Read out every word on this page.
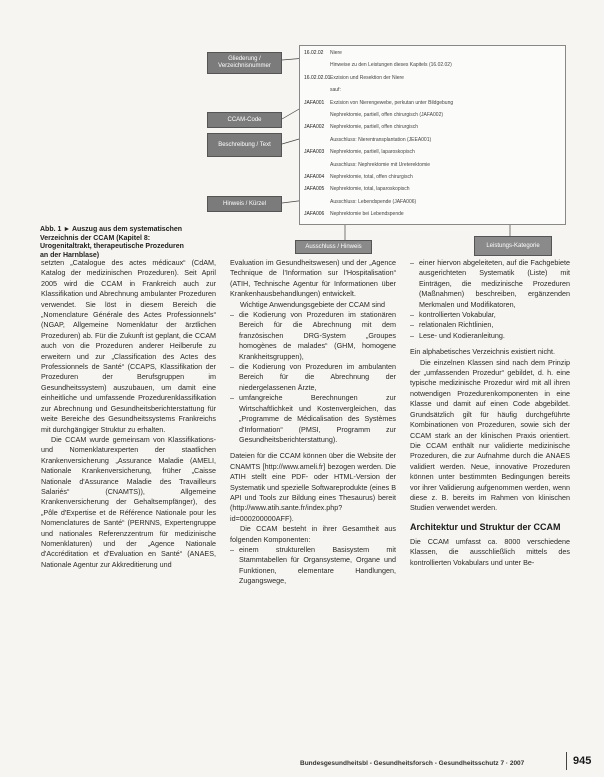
Gliederung / Verzeichnisnummer
CCAM-Code
Beschreibung / Text
Hinweis / Kürzel
Ausschluss / Hinweis	Leistungs-Kategorie
16.02.02 Niere
Hinweise zu den Leistungen dieses Kapitels (16.02.02)
16.02.02.01Exzision und Resektion der Niere
sauf:
JAFA001 Exzision von Nierengewebe, perkutan unter Bildgebung
Nephrektomie, partiell, offen chirurgisch (JAFA002)
JAFA002 Nephrektomie, partiell, offen chirurgisch
Ausschluss: Nierentransplantation (JEEA001)
JAFA003 Nephrektomie, partiell, laparoskopisch
Ausschluss: Nephrektomie mit Ureterektomie
JAFA004 Nephrektomie, total, offen chirurgisch
JAFA005 Nephrektomie, total, laparoskopisch
Ausschluss: Lebendspende (JAFA006)
JAFA006 Nephrektomie bei Lebendspende
Abb. 1 ► Auszug aus dem systematischen Verzeichnis der CCAM (Kapitel 8: Urogenitaltrakt, therapeutische Prozeduren an der Harnblase)

setzten „Catalogue des actes médicaux“ (CdAM, Katalog der medizinischen Prozeduren). Seit April 2005 wird die CCAM in Frankreich auch zur Klassifikation und Abrechnung ambulanter Prozeduren verwendet. Sie löst in diesem Bereich die „Nomenclature Générale des Actes Professionnels“ (NGAP, Allgemeine Nomenklatur der ärztlichen Prozeduren) ab. Für die Zukunft ist geplant, die CCAM auch von die Prozeduren anderer Heilberufe zu erweitern und zur „Classification des Actes des Professionnels de Santé“ (CCAPS, Klassifikation der Prozeduren der Berufsgruppen im Gesundheitssystem) auszubauen, um damit eine einheitliche und umfassende Prozedurenklassifikation zur Abrechnung und Gesundheitsberichterstattung für weite Bereiche des Gesundheitssystems Frankreichs mit durchgängiger Struktur zu erhalten.

Die CCAM wurde gemeinsam von Klassifikations- und Nomenklaturexperten der staatlichen Krankenversicherung „Assurance Maladie (AMELI, Nationale Krankenversicherung, früher „Caisse Nationale d'Assurance Maladie des Travailleurs Salariés“ (CNAMTS)), Allgemeine Krankenversicherung der Gehaltsempfänger), des „Pôle d'Expertise et de Référence Nationale pour les Nomenclatures de Santé“ (PERNNS, Expertengruppe und nationales Referenzzentrum für medizinische Nomenklaturen) und der „Agence Nationale d'Accréditation et d'Evaluation en Santé“ (ANAES, Nationale Agentur zur Akkreditierung und

Evaluation im Gesundheitswesen) und der „Agence Technique de l'Information sur l'Hospitalisation“ (ATIH, Technische Agentur für Informationen über Krankenhausbehandlungen) entwickelt.

Wichtige Anwendungsgebiete der CCAM sind

– die Kodierung von Prozeduren im stationären Bereich für die Abrechnung mit dem französischen DRG-System „Groupes homogènes de malades“ (GHM, homogene Krankheitsgruppen),
– die Kodierung von Prozeduren im ambulanten Bereich für die Abrechnung der niedergelassenen Ärzte,
– umfangreiche Berechnungen zur Wirtschaftlichkeit und Kostenvergleichen, das „Programme de Médicalisation des Systèmes d'Information“ (PMSI, Programm zur Gesundheitsberichterstattung).

Dateien für die CCAM können über die Website der CNAMTS [http://www.ameli.fr] bezogen werden. Die ATIH stellt eine PDF- oder HTML-Version der Systematik und spezielle Softwareprodukte (eines B API und Tools zur Bildung eines Thesaurus) bereit (http://www.atih.sante.fr/index.php?id=000200000AFF).

Die CCAM besteht in ihrer Gesamtheit aus folgenden Komponenten:

– einem strukturellen Basisystem mit Stammtabellen für Organsysteme, Organe und Funktionen, elementare Handlungen, Zugangswege,
– einer hiervon abgeleiteten, auf die Fachgebiete ausgerichteten Systematik (Liste) mit Einträgen, die medizinische Prozeduren (Maßnahmen) beschreiben, ergänzenden Merkmalen und Modifikatoren,
– kontrollierten Vokabular,
– relationalen Richtlinien,
– Lese- und Kodieranleitung.

Ein alphabetisches Verzeichnis existiert nicht.

Die einzelnen Klassen sind nach dem Prinzip der „umfassenden Prozedur“ gebildet, d. h. eine typische medizinische Prozedur wird mit all ihren notwendigen Prozedurenkomponenten in eine Klasse und damit auf einen Code abgebildet. Grundsätzlich gilt für häufig durchgeführte Kombinationen von Prozeduren, sowie sich der CCAM stark an der klinischen Praxis orientiert. Die CCAM enthält nur validierte medizinische Prozeduren, die zur Aufnahme durch die ANAES validiert werden. Neue, innovative Prozeduren können unter bestimmten Bedingungen bereits vor ihrer Validierung aufgenommen werden, wenn diese z. B. bereits im Rahmen von klinischen Studien verwendet werden.

Architektur und Struktur der CCAM

Die CCAM umfasst ca. 8000 verschiedene Klassen, die ausschließlich mittels des kontrollierten Vokabulars und unter Be-

Bundesgesundheitsbl - Gesundheitsforsch - Gesundheitsschutz 7 · 2007	945
